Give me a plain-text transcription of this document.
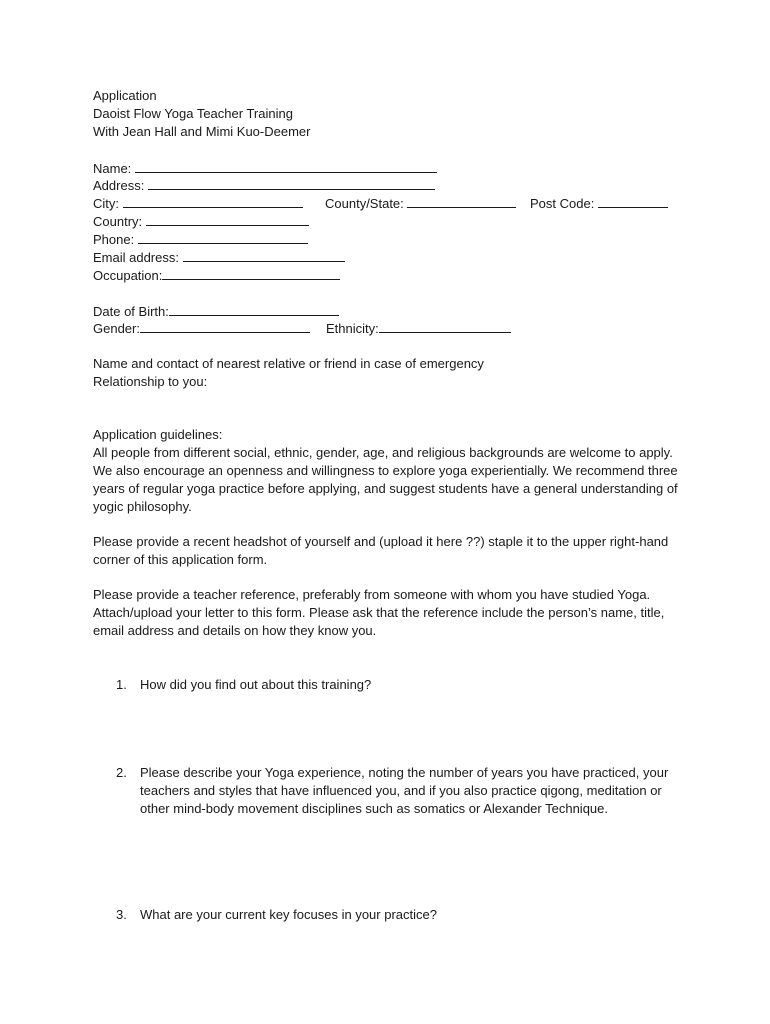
Application
Daoist Flow Yoga Teacher Training
With Jean Hall and Mimi Kuo-Deemer
Name:
Address:
City:	County/State:	Post Code:
Country:
Phone:
Email address:
Occupation:
Date of Birth:
Gender:	Ethnicity:
Name and contact of nearest relative or friend in case of emergency
Relationship to you:
Application guidelines:
All people from different social, ethnic, gender, age, and religious backgrounds are welcome to apply. We also encourage an openness and willingness to explore yoga experientially. We recommend three years of regular yoga practice before applying, and suggest students have a general understanding of yogic philosophy.
Please provide a recent headshot of yourself and (upload it here ??) staple it to the upper right-hand corner of this application form.
Please provide a teacher reference, preferably from someone with whom you have studied Yoga. Attach/upload your letter to this form. Please ask that the reference include the person’s name, title, email address and details on how they know you.
1. How did you find out about this training?
2. Please describe your Yoga experience, noting the number of years you have practiced, your teachers and styles that have influenced you, and if you also practice qigong, meditation or other mind-body movement disciplines such as somatics or Alexander Technique.
3. What are your current key focuses in your practice?
